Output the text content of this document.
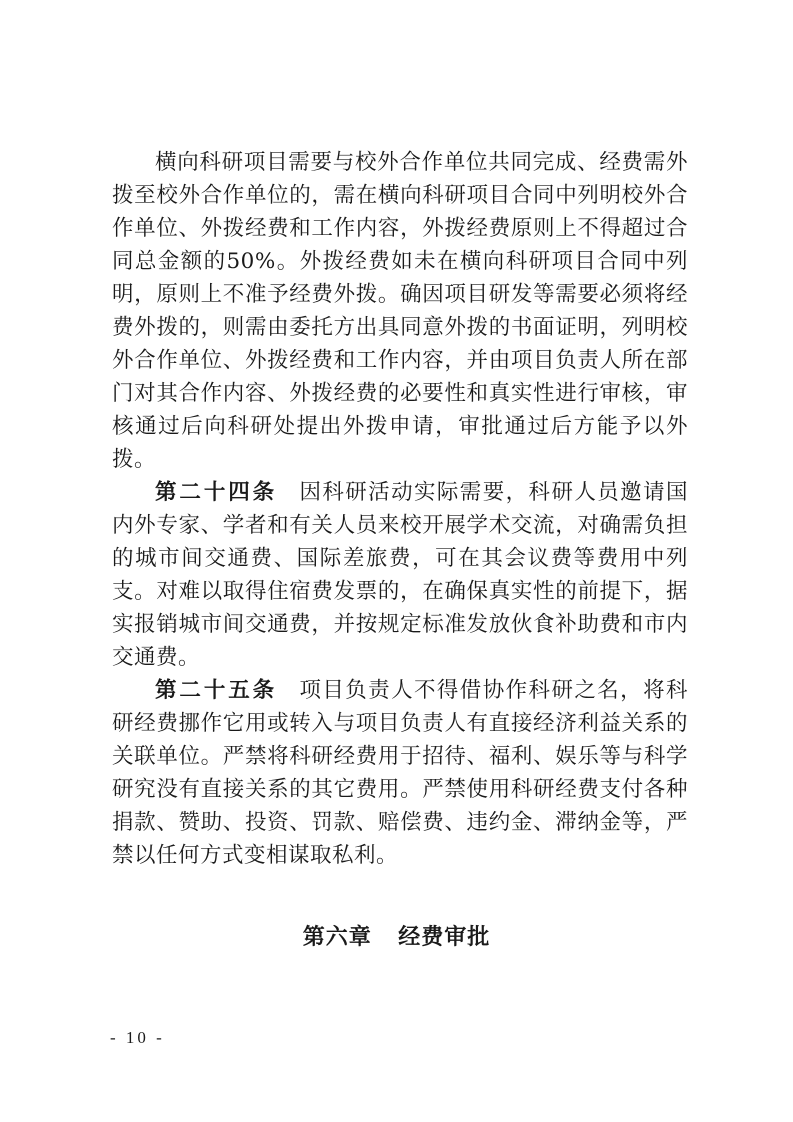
横向科研项目需要与校外合作单位共同完成、经费需外拨至校外合作单位的，需在横向科研项目合同中列明校外合作单位、外拨经费和工作内容，外拨经费原则上不得超过合同总金额的50%。外拨经费如未在横向科研项目合同中列明，原则上不准予经费外拨。确因项目研发等需要必须将经费外拨的，则需由委托方出具同意外拨的书面证明，列明校外合作单位、外拨经费和工作内容，并由项目负责人所在部门对其合作内容、外拨经费的必要性和真实性进行审核，审核通过后向科研处提出外拨申请，审批通过后方能予以外拨。

第二十四条 因科研活动实际需要，科研人员邀请国内外专家、学者和有关人员来校开展学术交流，对确需负担的城市间交通费、国际差旅费，可在其会议费等费用中列支。对难以取得住宿费发票的，在确保真实性的前提下，据实报销城市间交通费，并按规定标准发放伙食补助费和市内交通费。

第二十五条 项目负责人不得借协作科研之名，将科研经费挪作它用或转入与项目负责人有直接经济利益关系的关联单位。严禁将科研经费用于招待、福利、娱乐等与科学研究没有直接关系的其它费用。严禁使用科研经费支付各种捐款、赞助、投资、罚款、赔偿费、违约金、滞纳金等，严禁以任何方式变相谋取私利。

第六章 经费审批
- 10 -
